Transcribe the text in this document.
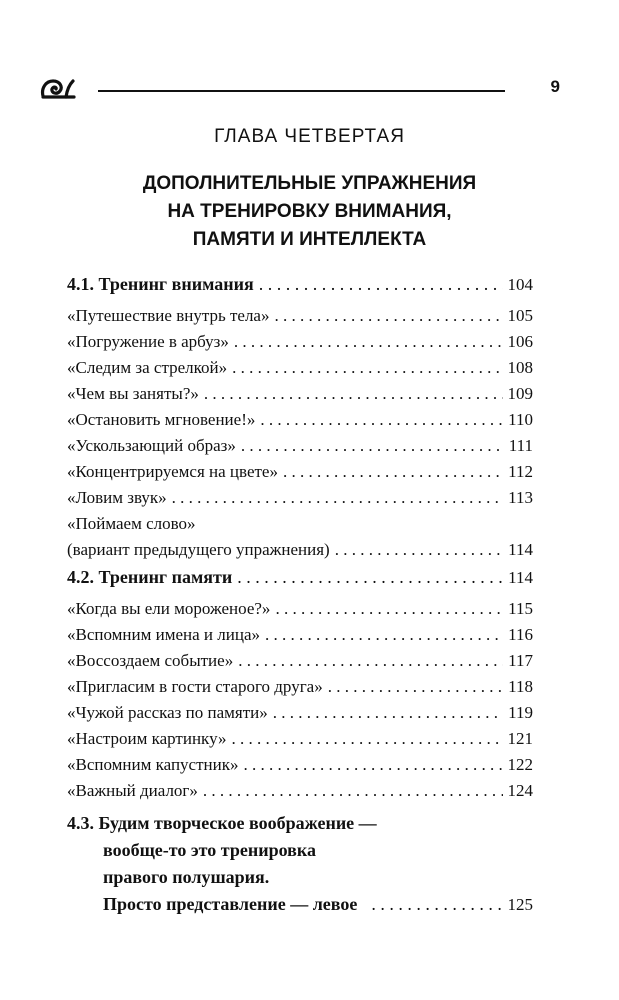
9
ГЛАВА ЧЕТВЕРТАЯ
ДОПОЛНИТЕЛЬНЫЕ УПРАЖНЕНИЯ
НА ТРЕНИРОВКУ ВНИМАНИЯ,
ПАМЯТИ И ИНТЕЛЛЕКТА
4.1. Тренинг внимания . . .	104
«Путешествие внутрь тела» . . .	105
«Погружение в арбуз» . . .	106
«Следим за стрелкой» . . .	108
«Чем вы заняты?» . . .	109
«Остановить мгновение!» . . .	110
«Ускользающий образ» . . .	111
«Концентрируемся на цвете» . . .	112
«Ловим звук» . . .	113
«Поймаем слово»
(вариант предыдущего упражнения) . . .	114
4.2. Тренинг памяти . . .	114
«Когда вы ели мороженое?» . . .	115
«Вспомним имена и лица» . . .	116
«Воссоздаем событие» . . .	117
«Пригласим в гости старого друга» . . .	118
«Чужой рассказ по памяти» . . .	119
«Настроим картинку» . . .	121
«Вспомним капустник» . . .	122
«Важный диалог» . . .	124
4.3. Будим творческое воображение —
вообще-то это тренировка
правого полушария.
Просто представление — левое . . .	125
